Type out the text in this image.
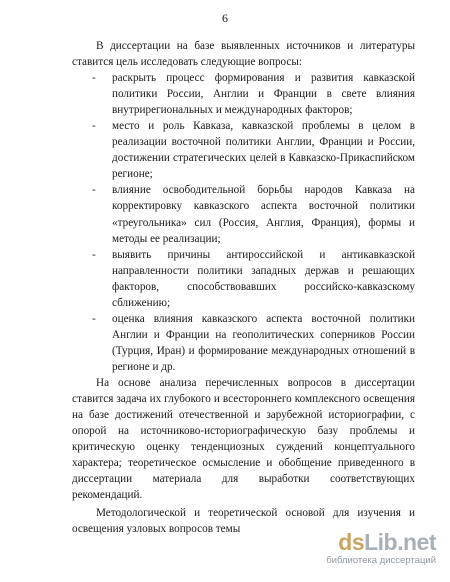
6

В диссертации на базе выявленных источников и литературы ставится цель исследовать следующие вопросы:

- раскрыть процесс формирования и развития кавказской политики России, Англии и Франции в свете влияния внутрирегиональных и международных факторов;
- место и роль Кавказа, кавказской проблемы в целом в реализации восточной политики Англии, Франции и России, достижении стратегических целей в Кавказско-Прикаспийском регионе;
- влияние освободительной борьбы народов Кавказа на корректировку кавказского аспекта восточной политики «треугольника» сил (Россия, Англия, Франция), формы и методы ее реализации;
- выявить причины антироссийской и антикавказской направленности политики западных держав и решающих факторов, способствовавших российско-кавказскому сближению;
- оценка влияния кавказского аспекта восточной политики Англии и Франции на геополитических соперников России (Турция, Иран) и формирование международных отношений в регионе и др.

На основе анализа перечисленных вопросов в диссертации ставится задача их глубокого и всестороннего комплексного освещения на базе достижений отечественной и зарубежной историографии, с опорой на источниково-историографическую базу проблемы и критическую оценку тенденциозных суждений концептуального характера; теоретическое осмысление и обобщение приведенного в диссертации материала для выработки соответствующих рекомендаций.

Методологической и теоретической основой для изучения и освещения узловых вопросов темы	dsLib.net
библиотека диссертаций
